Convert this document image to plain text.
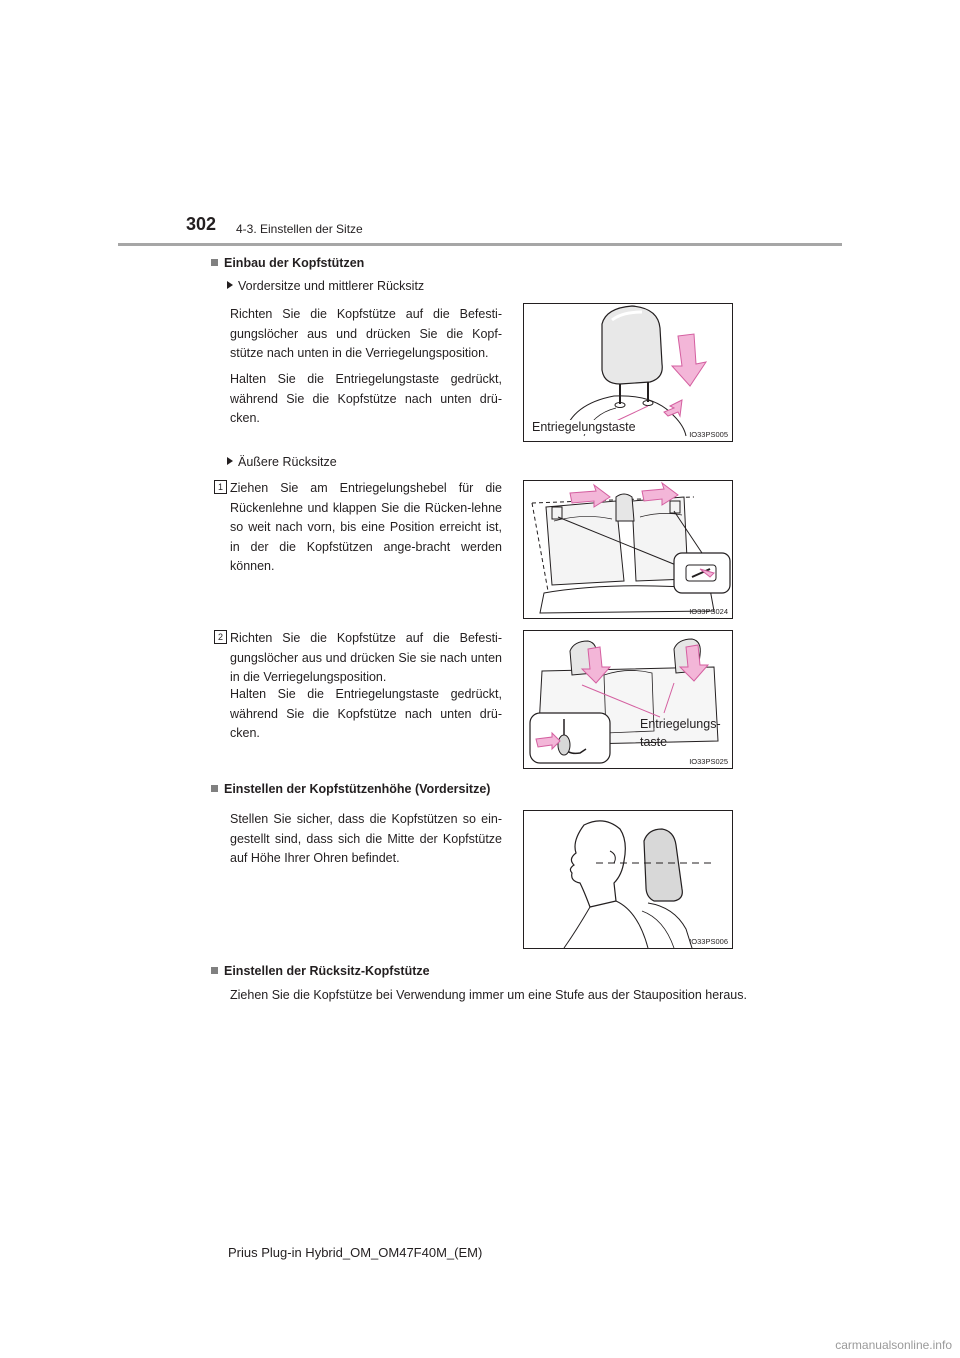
302 4-3. Einstellen der Sitze
Einbau der Kopfstützen
Vordersitze und mittlerer Rücksitz
Richten Sie die Kopfstütze auf die Befesti-gungslöcher aus und drücken Sie die Kopf-stütze nach unten in die Verriegelungsposition.
Halten Sie die Entriegelungstaste gedrückt, während Sie die Kopfstütze nach unten drü-cken.
Entriegelungstaste
IO33PS005
Äußere Rücksitze
1 Ziehen Sie am Entriegelungshebel für die Rückenlehne und klappen Sie die Rücken-lehne so weit nach vorn, bis eine Position erreicht ist, in der die Kopfstützen ange-bracht werden können.
IO33PS024
2 Richten Sie die Kopfstütze auf die Befesti-gungslöcher aus und drücken Sie sie nach unten in die Verriegelungsposition.
Halten Sie die Entriegelungstaste gedrückt, während Sie die Kopfstütze nach unten drü-cken.
Entriegelungs-
taste
IO33PS025
Einstellen der Kopfstützenhöhe (Vordersitze)
Stellen Sie sicher, dass die Kopfstützen so ein-gestellt sind, dass sich die Mitte der Kopfstütze auf Höhe Ihrer Ohren befindet.
IO33PS006
Einstellen der Rücksitz-Kopfstütze
Ziehen Sie die Kopfstütze bei Verwendung immer um eine Stufe aus der Stauposition heraus.
Prius Plug-in Hybrid_OM_OM47F40M_(EM)
carmanualsonline.info
